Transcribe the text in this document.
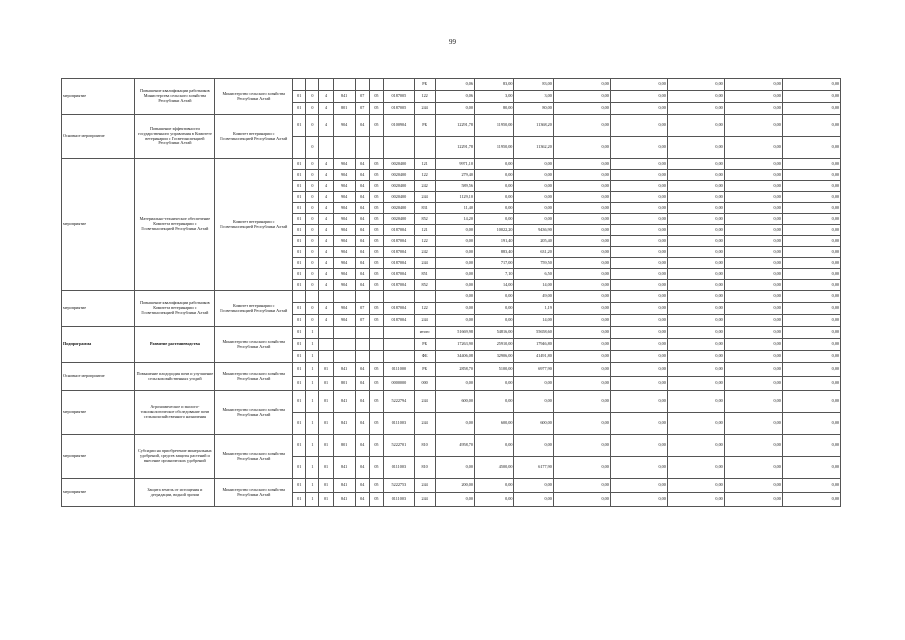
99
мероприятие	Повышение квалификации работников Министерства сельского хозяйства Республики Алтай	Министерство сельского хозяйства Республики Алтай								РБ	0,06	83,00	83,00	0,00	0,00	0,00	0,00	0,00
			01	0	4	841	07	05	0187005	122	0,06	3,00	3,00	0,00	0,00	0,00	0,00	0,00
			01	0	4	801	07	05	0187005	244	0,00	80,00	80,00	0,00	0,00	0,00	0,00	0,00
Основное мероприятие	Повышение эффективности государственного управления в Комитете ветеринарии с Госветинспекцией Республики Алтай	Комитет ветеринарии с Госветинспекцией Республики Алтай	01	0	4	904	04	05	0100904	РБ	12291,78	11950,00	11368,20	0,00	0,00	0,00	0,00	0,00
				0							12291,78	11950,00	11362,20	0,00	0,00	0,00	0,00	0,00
мероприятие	Материально-техническое обеспечение Комитета ветеринарии с Госветинспекцией Республики Алтай	Комитет ветеринарии с Госветинспекцией Республики Алтай	01	0	4	904	04	05	0020400	121	9971,10	0,00	0,00	0,00	0,00	0,00	0,00	0,00
			01	0	4	904	04	05	0020400	122	279,40	0,00	0,00	0,00	0,00	0,00	0,00	0,00
			01	0	4	904	04	05	0020400	242	589,56	0,00	0,00	0,00	0,00	0,00	0,00	0,00
			01	0	4	904	04	05	0020400	244	1129,10	0,00	0,00	0,00	0,00	0,00	0,00	0,00
			01	0	4	904	04	05	0020400	831	11,40	0,00	0,00	0,00	0,00	0,00	0,00	0,00
			01	0	4	904	04	05	0020400	852	14,20	0,00	0,00	0,00	0,00	0,00	0,00	0,00
			01	0	4	904	04	05	0187004	121	0,00	10022,20	9436,90	0,00	0,00	0,00	0,00	0,00
			01	0	4	904	04	05	0187004	122	0,00	191,40	205,40	0,00	0,00	0,00	0,00	0,00
			01	0	4	904	04	05	0187004	242	0,00	883,40	631,20	0,00	0,00	0,00	0,00	0,00
			01	0	4	904	04	05	0187004	244	0,00	717,00	759,50	0,00	0,00	0,00	0,00	0,00
			01	0	4	904	04	05	0187004	851	0,00	7,10	6,50	0,00	0,00	0,00	0,00	0,00
			01	0	4	904	04	05	0187004	852	0,00	14,00	14,00	0,00	0,00	0,00	0,00	0,00
мероприятие	Повышение квалификации работников Комитета ветеринарии с Госветинспекцией Республики Алтай	Комитет ветеринарии с Госветинспекцией Республики Алтай									0,00	0,00	49,00	0,00	0,00	0,00	0,00	0,00
			01	0	4	904	07	05	0187004	122	0,00	0,00	1,19	0,00	0,00	0,00	0,00	0,00
			01	0	4	904	07	05	0187004	244	0,00	0,00	14,00	0,00	0,00	0,00	0,00	0,00
Подпрограмма	Развитие растениеводства	Министерство сельского хозяйства Республики Алтай	01	1						итого	51669,98	54816,00	55658,60	0,00	0,00	0,00	0,00	0,00
			01	1						РБ	17263,90	25910,00	17946,80	0,00	0,00	0,00	0,00	0,00
			01	1						ФБ	34406,08	32906,00	41491,80	0,00	0,00	0,00	0,00	0,00
Основное мероприятие	Повышение плодородия почв и улучшение сельскохозяйственных угодий	Министерство сельского хозяйства Республики Алтай	01	1	01	841	04	05	0111000	РБ	2858,70	5100,00	6977,90	0,00	0,00	0,00	0,00	0,00
			01	1	01	801	04	05	0000000	000	0,00	0,00	0,00	0,00	0,00	0,00	0,00	0,00
мероприятие	Агрохимическое и эколого-токсикологическое обследование почв сельскохозяйственного назначения	Министерство сельского хозяйства Республики Алтай	01	1	01	841	04	05	5222794	244	600,00	0,00	0,00	0,00	0,00	0,00	0,00	0,00
			01	1	01	841	04	05	0111003	244	0,00	600,00	600,00	0,00	0,00	0,00	0,00	0,00
мероприятие	Субсидии на приобретение минеральных удобрений, средств защиты растений и внесение органических удобрений	Министерство сельского хозяйства Республики Алтай	01	1	01	801	04	05	5222701	810	4958,70	0,00	0,00	0,00	0,00	0,00	0,00	0,00
			01	1	01	841	04	05	0111003	810	0,00	4500,00	6177,90	0,00	0,00	0,00	0,00	0,00
мероприятие	Защита земель от истощения и деградации, водной эрозии	Министерство сельского хозяйства Республики Алтай	01	1	01	841	04	05	5222753	244	200,00	0,00	0,00	0,00	0,00	0,00	0,00	0,00
			01	1	01	841	04	05	0111003	244	0,00	0,00	0,00	0,00	0,00	0,00	0,00	0,00
